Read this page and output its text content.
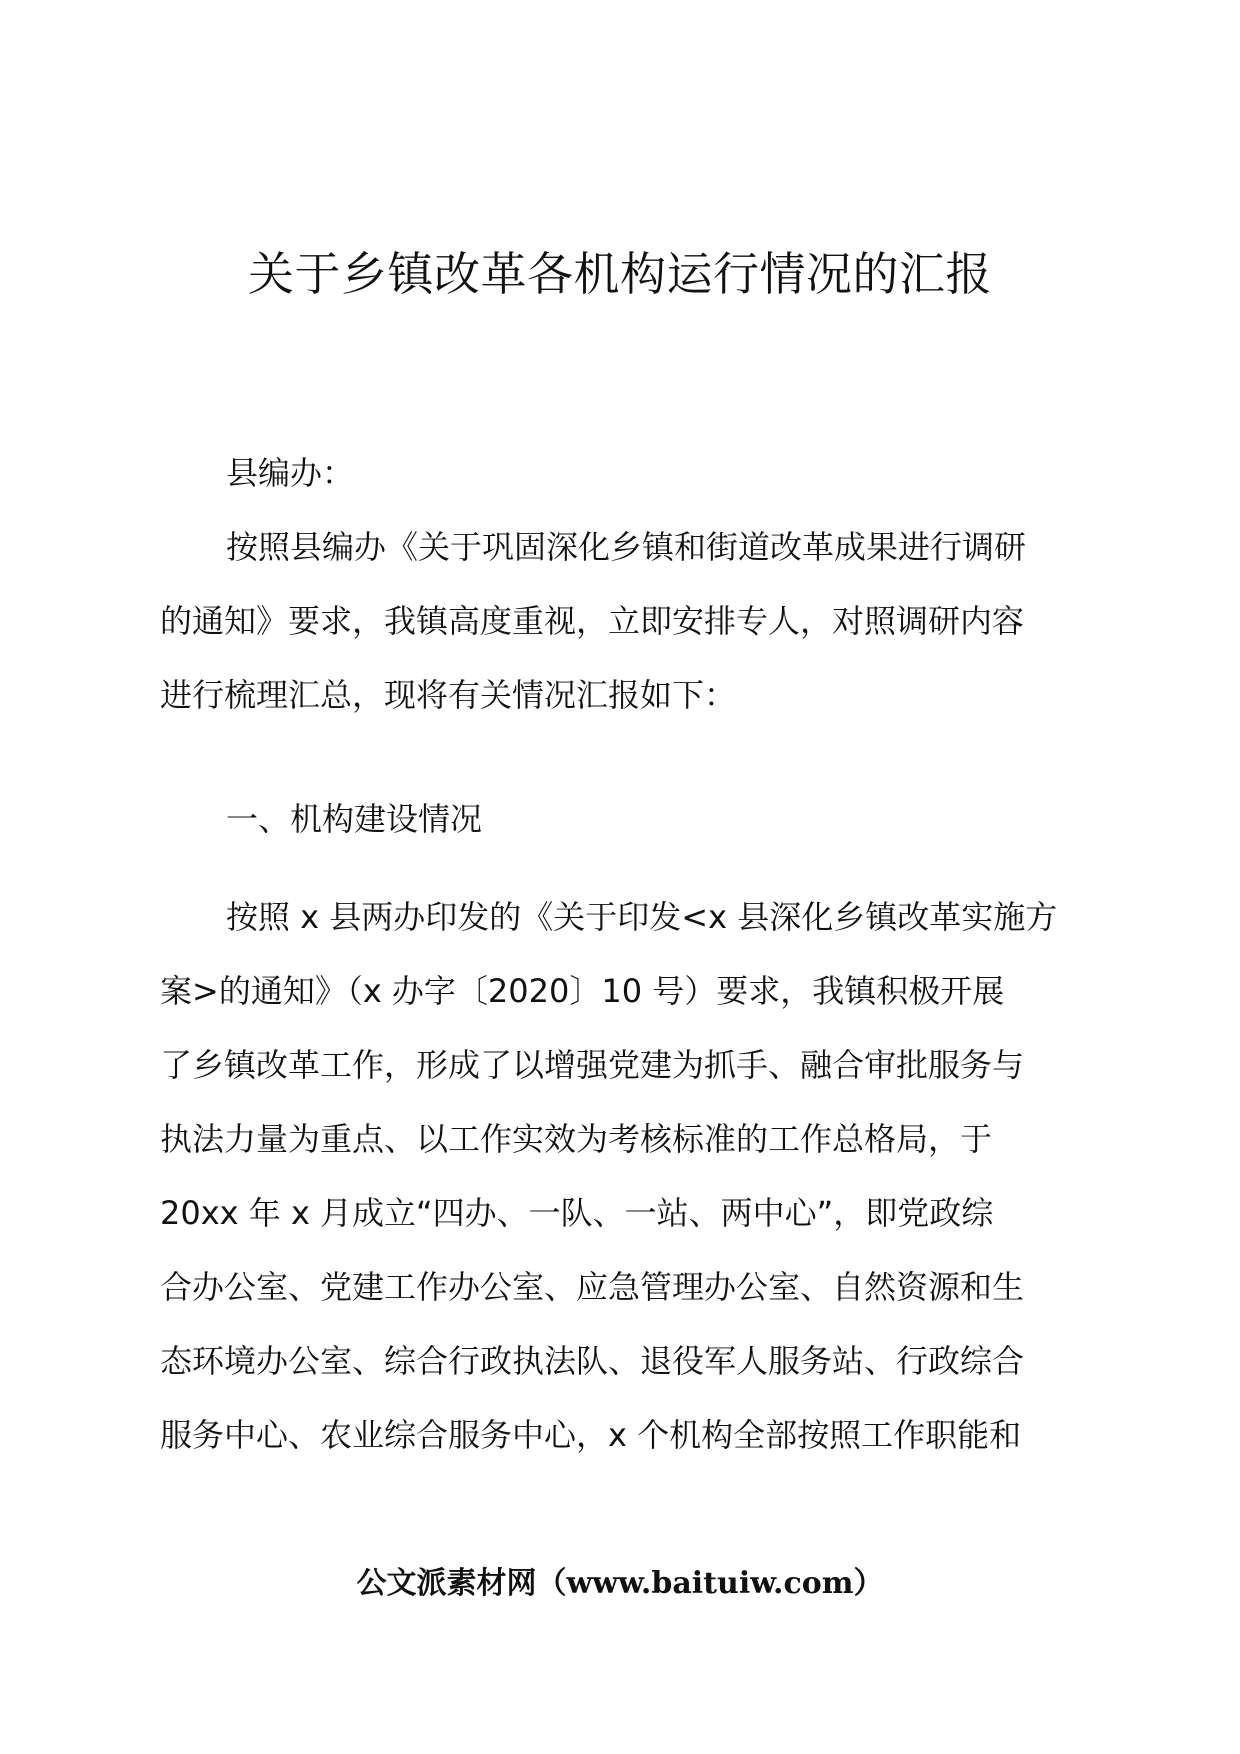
关于乡镇改革各机构运行情况的汇报
县编办：
按照县编办《关于巩固深化乡镇和街道改革成果进行调研
的通知》要求，我镇高度重视，立即安排专人，对照调研内容
进行梳理汇总，现将有关情况汇报如下：
一、机构建设情况
按照 x 县两办印发的《关于印发<x 县深化乡镇改革实施方
案>的通知》（x 办字〔2020〕10 号）要求，我镇积极开展
了乡镇改革工作，形成了以增强党建为抓手、融合审批服务与
执法力量为重点、以工作实效为考核标准的工作总格局，于
20xx 年 x 月成立“四办、一队、一站、两中心”，即党政综
合办公室、党建工作办公室、应急管理办公室、自然资源和生
态环境办公室、综合行政执法队、退役军人服务站、行政综合
服务中心、农业综合服务中心，x 个机构全部按照工作职能和
公文派素材网（www.baituiw.com）
